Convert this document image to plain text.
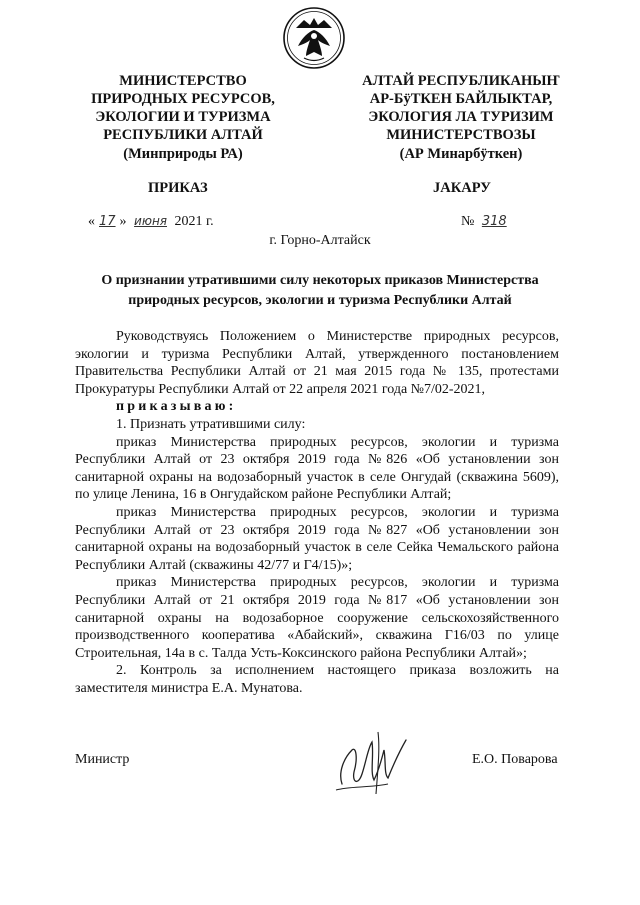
МИНИСТЕРСТВО
ПРИРОДНЫХ РЕСУРСОВ,
ЭКОЛОГИИ И ТУРИЗМА
РЕСПУБЛИКИ АЛТАЙ
(Минприроды РА)
АЛТАЙ РЕСПУБЛИКАНЫҤ
АР-БÿТКЕН БАЙЛЫКТАР,
ЭКОЛОГИЯ ЛА ТУРИЗИМ
МИНИСТЕРСТВОЗЫ
(АР Минарбÿткен)
ПРИКАЗ	JАКАРУ
« 17 » июня 2021 г.	№ 318
г. Горно-Алтайск
О признании утратившими силу некоторых приказов Министерства
природных ресурсов, экологии и туризма Республики Алтай

Руководствуясь Положением о Министерстве природных ресурсов, экологии и туризма Республики Алтай, утвержденного постановлением Правительства Республики Алтай от 21 мая 2015 года № 135, протестами Прокуратуры Республики Алтай от 22 апреля 2021 года №7/02-2021,

приказываю:

1. Признать утратившими силу:

приказ Министерства природных ресурсов, экологии и туризма Республики Алтай от 23 октября 2019 года №826 «Об установлении зон санитарной охраны на водозаборный участок в селе Онгудай (скважина 5609), по улице Ленина, 16 в Онгудайском районе Республики Алтай;

приказ Министерства природных ресурсов, экологии и туризма Республики Алтай от 23 октября 2019 года №827 «Об установлении зон санитарной охраны на водозаборный участок в селе Сейка Чемальского района Республики Алтай (скважины 42/77 и Г4/15)»;

приказ Министерства природных ресурсов, экологии и туризма Республики Алтай от 21 октября 2019 года №817 «Об установлении зон санитарной охраны на водозаборное сооружение сельскохозяйственного производственного кооператива «Абайский», скважина Г16/03 по улице Строительная, 14а в с. Талда Усть-Коксинского района Республики Алтай»;

2. Контроль за исполнением настоящего приказа возложить на заместителя министра Е.А. Мунатова.

Министр	Е.О. Поварова
